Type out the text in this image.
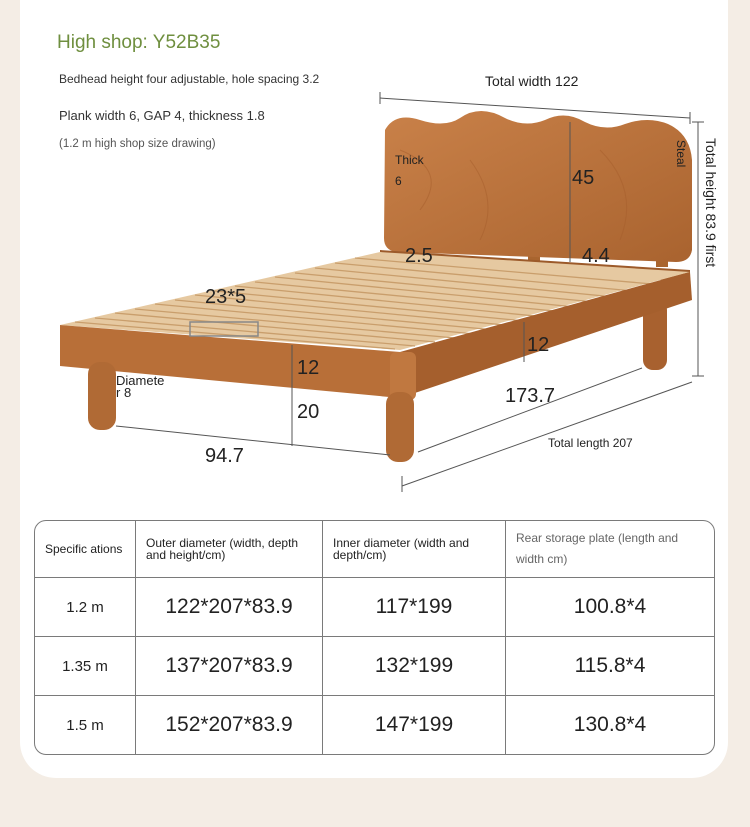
High shop: Y52B35
Bedhead height four adjustable, hole spacing 3.2
Plank width 6, GAP 4, thickness 1.8
(1.2 m high shop size drawing)
Total width 122
Total height 83.9 first
45
4.4
2.5
Thick
6
Steal
23*5
12
12
20
94.7
173.7
Total length 207
Diamete
r 8
Specific ations	Outer diameter (width, depth and height/cm)	Inner diameter (width and depth/cm)	Rear storage plate (length and width cm)
1.2 m	122*207*83.9	117*199	100.8*4
1.35 m	137*207*83.9	132*199	115.8*4
1.5 m	152*207*83.9	147*199	130.8*4
